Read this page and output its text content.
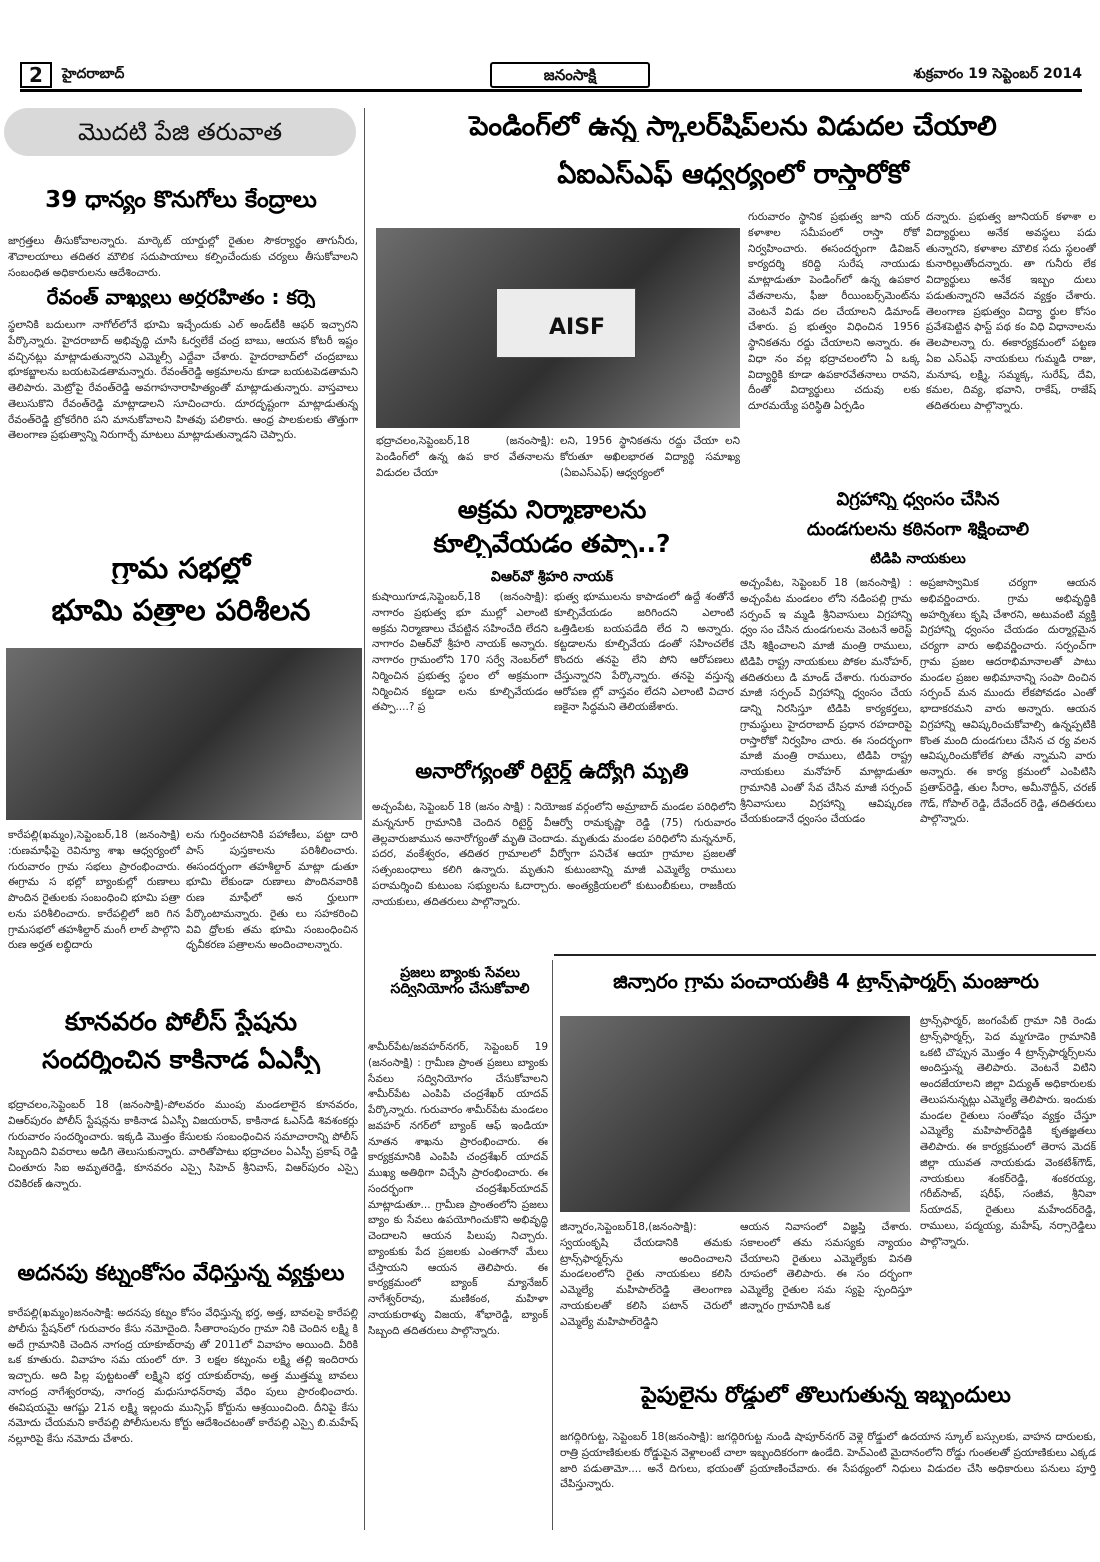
2	హైదరాబాద్	జనంసాక్షి	శుక్రవారం 19 సెప్టెంబర్ 2014
మొదటి పేజి తరువాత	పెండింగ్‌లో ఉన్న స్కాలర్‌షిప్‌లను విడుదల చేయాలి
ఏఐఎస్‌ఎఫ్ ఆధ్వర్యంలో రాస్తారోకో
AISF
భద్రాచలం,సెప్టెంబర్,18 (జనంసాక్షి): పెండింగ్‌లో ఉన్న ఉప కార వేతనాలను విడుదల చేయా
లని, 1956 స్థానికతను రద్దు చేయా లని కోరుతూ అఖిలభారత విద్యార్థి సమాఖ్య (ఏఐఎస్‌ఎఫ్) ఆధ్వర్యంలో
గురువారం స్థానిక ప్రభుత్వ జూని యర్ కళాశాల సమీపంలో రాస్తా రోకో నిర్వహించారు. ఈసందర్భంగా డివిజన్ కార్యదర్శి కరిద్ది సురేష నాయుడు మాట్లాడుతూ పెండింగ్‌లో ఉన్న ఉపకార వేతనాలను, ఫీజు రీయింబర్స్‌మెంట్‌ను వెంటనే విడు దల చేయాలని డిమాండ్ చేశారు. ప్ర భుత్వం విధించిన 1956 స్థానికతను రద్దు చేయాలని అన్నారు. ఈ విధా నం వల్ల భద్రాచలంలోని ఏ ఒక్క విద్యార్థికి కూడా ఉపకారవేతనాలు రావని, దీంతో విద్యార్థులు చదువు లకు దూరమయ్యే పరిస్థితి ఏర్పడిం
దన్నారు. ప్రభుత్వ జూనియర్ కళాశా ల విద్యార్థులు అనేక అవస్థలు పడు తున్నారని, కళాశాల మౌలిక సదు స్థలంతో కునారిల్లుతోందన్నారు. తా గునీరు లేక విద్యార్థులు అనేక ఇబ్బం దులు పడుతున్నారని ఆవేదన వ్యక్తం చేశారు. తెలంగాణ ప్రభుత్వం విద్యా ర్థుల కోసం ప్రవేశపెట్టిన ఫాస్ట్ పథ కం విధి విధానాలను తెలపాలన్నా రు. ఈకార్యక్రమంలో పట్టణ ఏఐ ఎస్‌ఎఫ్ నాయకులు గుమ్మడి రాజు, మనూష, లక్ష్మి, సమ్మక్క, సురేష్, దేవి, కమల, దివ్య, భవాని, రాకేష్, రాజేష్ తదితరులు పాల్గొన్నారు.
39 ధాన్యం కొనుగోలు కేంద్రాలు
జాగ్రత్తలు తీసుకోవాలన్నారు. మార్కెట్ యార్డుల్లో రైతుల సౌకర్యార్థం తాగునీరు, శౌచాలయాలు తదితర మౌలిక సదుపాయాలు కల్పించేందుకు చర్యలు తీసుకోవాలని సంబంధిత అధికారులను ఆదేశించారు.
రేవంత్ వాఖ్యలు అర్ధరహితం : కర్నె
స్థలానికి బదులుగా నాగోల్‌లోనే భూమి ఇచ్చేందుకు ఎల్ అండ్‌టీకి ఆఫర్ ఇచ్చారని పేర్కొన్నారు. హైదరాబాద్ అభివృద్ధి చూసి ఓర్వలేకే చంద్ర బాబు, ఆయన కోటరీ ఇష్టం వచ్చినట్లు మాట్లాడుతున్నారని ఎమ్మెల్సీ ఎద్దేవా చేశారు. హైదరాబాద్‌లో చంద్రబాబు భూకబ్జాలను బయటపెడతామన్నారు. రేవంత్‌రెడ్డి అక్రమాలను కూడా బయటపెడతామని తెలిపారు. మెట్రోపై రేవంత్‌రెడ్డి అవగాహనారాహిత్యంతో మాట్లాడుతున్నారు. వాస్తవాలు తెలుసుకొని రేవంత్‌రెడ్డి మాట్లాడాలని సూచించారు. దూరదృష్టంగా మాట్లాడుతున్న రేవంత్‌రెడ్డి బ్రోకరేగిరి పని మానుకోవాలని హితవు పలికారు. ఆంధ్ర పాలకులకు తొత్తుగా తెలంగాణ ప్రభుత్వాన్ని నిరుగార్చే మాటలు మాట్లాడుతున్నాడని చెప్పారు.
గ్రామ సభల్లో
భూమి పత్రాల పరిశీలన
కారేపల్లి(ఖమ్మం),సెప్టెంబర్,18 (జనంసాక్షి) :రుణమాఫీపై రెవిన్యూ శాఖ ఆధ్వర్యంలో గురువారం గ్రామ సభలు ప్రారంభించారు. ఈగ్రామ స భల్లో బ్యాంకుల్లో రుణాలు పొందిన రైతులకు సంబంధించి భూమి పత్రా లను పరిశీలించారు. కారేపల్లిలో జరి గిన గ్రామసభలో తహశీల్దార్ మంగీ లాల్ పాల్గొని రుణ అర్హత లబ్ధిదారు
లను గుర్తించటానికి పహాణీలు, పట్టా దారి పాస్ పుస్తకాలను పరిశీలించారు. ఈసందర్భంగా తహశీల్దార్ మాట్లా డుతూ భూమి లేకుండా రుణాలు పొందినవారికి రుణ మాఫీలో అన ర్హులుగా పేర్కొంటామన్నారు. రైతు లు సహకరించి వివి ధ్రోలకు తమ భూమి సంబంధించిన ధృవీకరణ పత్రాలను అందించాలన్నారు.
కూనవరం పోలీస్ స్టేషను
సందర్శించిన కాకినాడ ఏఎస్పీ
భద్రాచలం,సెప్టెంబర్ 18 (జనంసాక్షి)-పోలవరం ముంపు మండలాలైన కూనవరం, విఆర్‌పురం పోలీస్ స్టేషన్లను కాకినాడ ఏఎస్పీ విజయరావ్, కాకినాడ ఓఎస్‌డి శివశంకర్లు గురువారం సందర్శించారు. ఇక్కడి మొత్తం కేసులకు సంబంధించిన సమాచారాన్ని పోలీస్ సిబ్బందిని వివరాలు అడిగి తెలుసుకున్నారు. వారితోపాటు భద్రాచలం ఏఎస్పీ ప్రకాష్ రెడ్డి చింతూరు సిఐ అమృతరెడ్డి, కూనవరం ఎస్సై సిహెచ్ శ్రీనివాస్, విఆర్‌పురం ఎస్సై రవికిరణ్ ఉన్నారు.
అదనపు కట్నంకోసం వేధిస్తున్న వ్యక్తులు
కారేపల్లి(ఖమ్మం)జనంసాక్షి: అదనపు కట్నం కోసం వేధిస్తున్న భర్త, అత్త, బావలపై కారేపల్లి పోలీసు స్టేషన్‌లో గురువారం కేసు నమోదైంది. సీతారాంపురం గ్రామా నికి చెందిన లక్ష్మి కి అదే గ్రామానికి చెందిన నాగంద్ర యాకూబ్‌రావు తో 2011లో వివాహం అయింది. వీరికి ఒక కూతురు. వివాహం సమ యంలో రూ. 3 లక్షల కట్నంను లక్ష్మి తల్లి ఇందిరారు ఇచ్చారు. అది పిల్ల పుట్టటంతో లక్ష్మిని భర్త యాకుబ్‌రావు, అత్త ముత్తమ్మ బావలు నాగంద్ర నాగేశ్వరరావు, నాగంద్ర మధుసూధన్‌రావు వేధిం పులు ప్రారంభించారు. ఈవిషయమై ఆగష్టు 21న లక్ష్మి ఇల్లందు మున్సిఫ్ కోర్టును ఆశ్రయించింది. దీనిపై కేసు నమోదు చేయమని కారేపల్లి పోలీసులను కోర్టు ఆదేశించటంతో కారేపల్లి ఎస్సై బి.మహేష్ నల్లూరిపై కేసు నమోదు చేశారు.
అక్రమ నిర్మాణాలను
కూల్చివేయడం తప్పా..?
విఆర్‌వో శ్రీహరి నాయక్
కుషాయిగూడ,సెప్టెంబర్,18 (జనంసాక్షి): నాగారం ప్రభుత్వ భూ ముల్లో ఎలాంటి అక్రమ నిర్మాణాలు చేపట్టిన సహించేది లేదని నాగారం విఆర్‌వో శ్రీహరి నాయక్ అన్నారు. నాగారం గ్రామంలోని 170 సర్వే నెంబర్‌లో నిర్మించిన ప్రభుత్వ స్థలం లో అక్రమంగా నిర్మించిన కట్టడా లను కూల్చివేయడం తప్పా....? ప్ర
భుత్వ భూములను కాపాడంలో ఉద్దే శంతోనే కూల్చివేయడం జరిగిందని ఎలాంటి ఒత్తిడిలకు బయపడేది లేద ని అన్నారు. కట్టడాలను కూల్చివేయ డంతో సహించలేక కొందరు తనపై లేని పోని ఆరోపణలు చేస్తున్నారని పేర్కొన్నారు. తనపై వస్తున్న ఆరోపణ ల్లో వాస్తవం లేదని ఎలాంటి విచార ణకైనా సిద్ధమని తెలియజేశారు.
విగ్రహాన్ని ధ్వంసం చేసిన
దుండగులను కఠినంగా శిక్షించాలి
టిడిపి నాయకులు
అచ్చంపేట, సెప్టెంబర్ 18 (జనంసాక్షి) : అచ్చంపేట మండలం లోని నడింపల్లి గ్రామ సర్పంచ్ ఇ మ్మడి శ్రీనివాసులు విగ్రహాన్ని ధ్వం సం చేసిన దుండగులను వెంటనే అరెస్ట్ చేసి శిక్షించాలని మాజీ మంత్రి రాములు, టిడిపి రాష్ట్ర నాయకులు పోకల మనోహర్, తదితరులు డి మాండ్ చేశారు. గురువారం మాజీ సర్పంచ్ విగ్రహాన్ని ధ్వంసం చేయ డాన్ని నిరసిస్తూ టిడిపి కార్యకర్తలు, గ్రామస్థులు హైదరాబాద్ ప్రధాన రహదారిపై రాస్తారోకో నిర్వహిం చారు. ఈ సందర్భంగా మాజీ మంత్రి రాములు, టిడిపి రాష్ట్ర నాయకులు మనోహర్ మాట్లాడుతూ గ్రామానికి ఎంతో సేవ చేసిన మాజీ సర్పంచ్ శ్రీనివాసులు విగ్రహాన్ని ఆవిష్కరణ చేయకుండానే ధ్వంసం చేయడం
అప్రజాస్వామిక చర్యగా ఆయన అభివర్ణించారు. గ్రామ అభివృద్ధికి అహర్నిశలు కృషి చేశారని, అటువంటి వ్యక్తి విగ్రహాన్ని ధ్వంసం చేయడం దుర్మార్గమైన చర్యగా వారు అభివర్ణించారు. సర్పంచ్‌గా గ్రామ ప్రజల ఆదరాభిమానాలతో పాటు మండల ప్రజల అభిమానాన్ని సంపా దించిన సర్పంచ్ మన ముందు లేకపోవడం ఎంతో భాదాకరమని వారు అన్నారు. ఆయన విగ్రహాన్ని ఆవిష్కరించుకోవాల్సి ఉన్నప్పటికి కొంత మంది దుండగులు చేసిన చ ర్య వలన ఆవిష్కరించుకోలేక పోతు న్నామని వారు అన్నారు. ఈ కార్య క్రమంలో ఎంపిటిసి ప్రతాప్‌రెడ్డి, తుల సీరాం, అమీనొద్దీన్, చరణ్ గౌడ్, గోపాల్ రెడ్డి, దేవేందర్ రెడ్డి, తదితరులు పాల్గొన్నారు.
అనారోగ్యంతో రిటైర్డ్ ఉద్యోగి మృతి
అచ్చంపేట, సెప్టెంబర్ 18 (జనం సాక్షి) : నియోజక వర్గంలోని అమ్రాబాద్ మండల పరిధిలోని మన్ననూర్ గ్రామానికి చెందిన రిటైర్డ్ వీఆర్వో రామకృష్ణా రెడ్డి (75) గురువారం తెల్లవారుజామున అనారోగ్యంతో మృతి చెందాడు. మృతుడు మండల పరిధిలోని మన్ననూర్, పదర, వంకేశ్వరం, తదితర గ్రామాలలో వీర్వోగా పనిచేశ ఆయా గ్రామాల ప్రజలతో సత్సంబంధాలు కలిగి ఉన్నారు. మృతుని కుటుంబాన్ని మాజీ ఎమ్మెల్యే రాములు పరామర్శించి కుటుంబ సభ్యులను ఓదార్చారు. అంత్యక్రియలలో కుటుంబీకులు, రాజకీయ నాయకులు, తదితరులు పాల్గొన్నారు.
ప్రజలు బ్యాంకు సేవలు సద్వినియోగం చేసుకోవాలి
శామీర్‌పేట/జవహర్‌నగర్, సెప్టెంబర్ 19 (జనంసాక్షి) : గ్రామీణ ప్రాంత ప్రజలు బ్యాంకు సేవలు సద్వినియోగం చేసుకోవాలని శామీర్‌పేట ఎంపిపి చంద్రశేఖర్ యాదవ్ పేర్కొన్నారు. గురువారం శామీర్‌పేట మండలం జవహర్ నగర్‌లో బ్యాంక్ ఆఫ్ ఇండియా నూతన శాఖను ప్రారంభించారు. ఈ కార్యక్రమానికి ఎంపిపి చంద్రశేఖర్ యాదవ్ ముఖ్య అతిథిగా విచ్చేసి ప్రారంభించారు. ఈ సందర్భంగా చంద్రశేఖర్‌యాదవ్ మాట్లాడుతూ... గ్రామీణ ప్రాంతంలోని ప్రజలు బ్యాం కు సేవలు ఉపయోగించుకొని అభివృద్ధి చెందాలని ఆయన పిలుపు నిచ్చారు. బ్యాంకుకు పేద ప్రజలకు ఎంతగానో మేలు చేస్తాయని ఆయన తెలిపారు. ఈ కార్యక్రమంలో బ్యాంక్ మ్యానేజర్ నాగేశ్వర్‌రావు, మణికంఠ, మహిళా నాయకురాళ్ళు విజయ, శోభారెడ్డి, బ్యాంక్ సిబ్బంది తదితరులు పాల్గొన్నారు.
జిన్నారం గ్రామ పంచాయతీకి 4 ట్రాన్స్‌ఫార్మర్స్ మంజూరు
జిన్నారం,సెప్టెంబర్18,(జనంసాక్షి): స్వయంకృషి చేయడానికి తమకు ట్రాన్స్‌ఫార్మర్స్‌ను అందించాలని మండలంలోని రైతు నాయకులు కలిసి ఎమ్మెల్యే మహిపాల్‌రెడ్డి తెలంగాణ నాయకులతో కలిసి పటాన్ చెరులో ఎమ్మెల్యే మహిపాల్‌రెడ్డిని
ఆయన నివాసంలో విజ్ఞప్తి చేశారు. సకాలంలో తమ సమస్యకు న్యాయం చేయాలని రైతులు ఎమ్మెల్యేకు వినతి రూపంలో తెలిపారు. ఈ సం దర్భంగా ఎమ్మెల్యే రైతుల సమ స్యపై స్పందిస్తూ జిన్నారం గ్రామానికి ఒక
ట్రాన్స్‌ఫార్మర్, జంగంపేట్ గ్రామా నికి రెండు ట్రాన్స్‌ఫార్మర్స్, పెద మ్మగూడెం గ్రామానికి ఒకటి చొప్పున మొత్తం 4 ట్రాన్స్‌ఫార్మర్స్‌లను అందిస్తున్న తెలిపారు. వెంటనే విటిని అందజేయాలని జిల్లా విద్యుత్ అధికారులకు తెలుపనున్నట్లు ఎమ్మెల్యే తెలిపారు. ఇందుకు మండల రైతులు సంతోషం వ్యక్తం చేస్తూ ఎమ్మెల్యే మహిపాల్‌రెడ్డికి కృతజ్ఞతలు తెలిపారు. ఈ కార్యక్రమంలో తెరాస మెదక్ జిల్లా యువత నాయకుడు వెంకటేశ్‌గౌడ్, నాయకులు శంకర్‌రెడ్డి, శంకరయ్య, గరీబ్‌సాబ్, షరీఫ్, సంజీవ, శ్రీనివా స్‌యాదవ్, రైతులు మహేందర్‌రెడ్డి, రాములు, పద్మయ్య, మహేష్, నర్సారెడ్డిలు పాల్గొన్నారు.
పైపులైను రోడ్డులో తొలుగుతున్న ఇబ్బందులు
జగద్గిరిగుట్ట, సెప్టెంబర్ 18(జనంసాక్షి): జగద్గిరిగుట్ట నుండి షాపూర్‌నగర్ వెళ్లె రోడ్డులో ఉదయాన స్కూల్ బస్సులకు, వాహన దారులకు, రాత్రి ప్రయాణికులకు రోడ్డుపైన వెళ్లాలంటే చాలా ఇబ్బందికరంగా ఉండేది. హెచ్ఎంటి మైదానంలోని రోడ్డు గుంతలతో ప్రయాణికులు ఎక్కడ జారి పడుతామో.... అనే దిగులు, భయంతో ప్రయాణించేవారు. ఈ సేపథ్యంలో నిధులు విడుదల చేసి అధికారులు పనులు పూర్తి చేపిస్తున్నారు.
